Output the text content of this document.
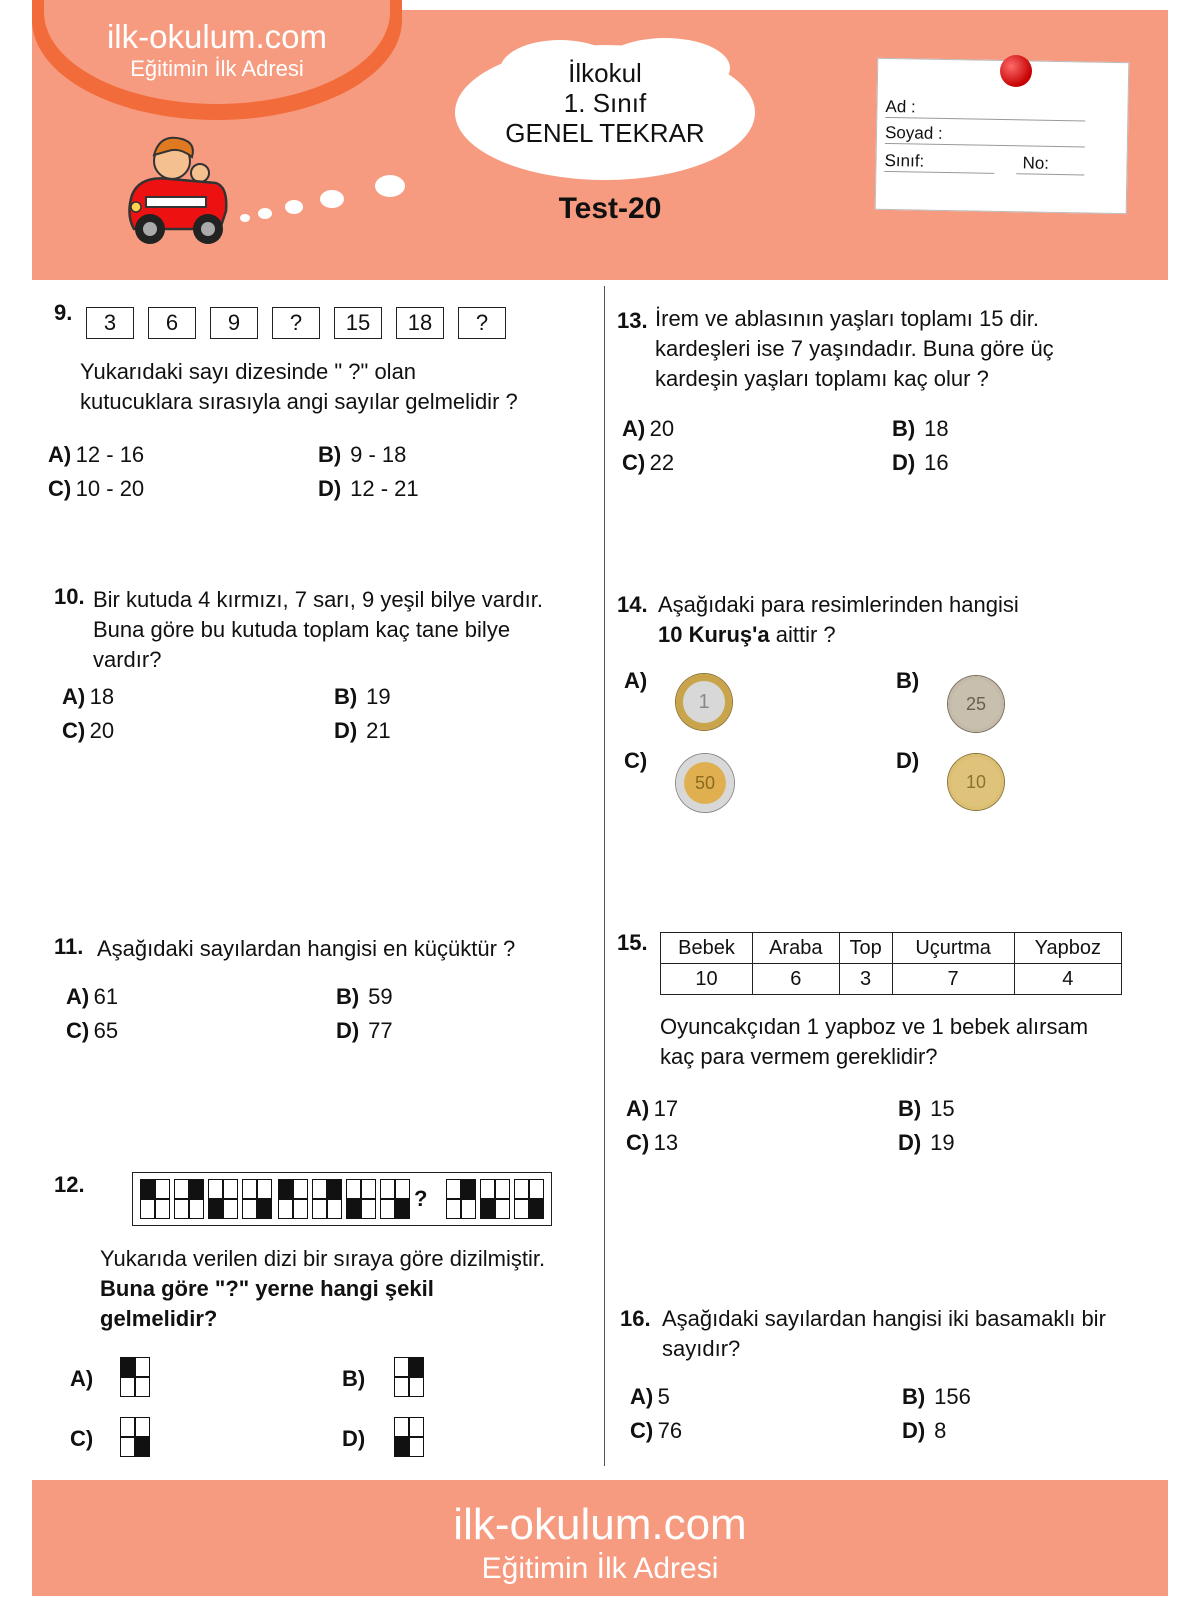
ilk-okulum.com
Eğitimin İlk Adresi	İlkokul
1. Sınıf
GENEL TEKRAR
Test-20
Ad :
Soyad :
Sınıf:	No:
9.	3	6	9	?	15	18	?
Yukarıdaki sayı dizesinde " ?" olan
kutucuklara sırasıyla angi sayılar gelmelidir ?
A) 12 - 16	B) 9 - 18
C) 10 - 20	D) 12 - 21
10. Bir kutuda 4 kırmızı, 7 sarı, 9 yeşil bilye vardır.
Buna göre bu kutuda toplam kaç tane bilye
vardır?
A) 18	B) 19
C) 20	D) 21
11. Aşağıdaki sayılardan hangisi en küçüktür ?
A) 61	B) 59
C) 65	D) 77
12.
?
Yukarıda verilen dizi bir sıraya göre dizilmiştir.
Buna göre "?" yerne hangi şekil
gelmelidir?
A)	B)
C)	D)
13. İrem ve ablasının yaşları toplamı 15 dir.
kardeşleri ise 7 yaşındadır. Buna göre üç
kardeşin yaşları toplamı kaç olur ?
A) 20	B) 18
C) 22	D) 16
14. Aşağıdaki para resimlerinden hangisi
10 Kuruş'a aittir ?
A)	B)
C)	D)
1	25
50	10
15. Bebek	Araba	Top	Uçurtma	Yapboz
10	6	3	7	4
Oyuncakçıdan 1 yapboz ve 1 bebek alırsam
kaç para vermem gereklidir?
A) 17	B) 15
C) 13	D) 19
16. Aşağıdaki sayılardan hangisi iki basamaklı bir
sayıdır?
A) 5	B) 156
C) 76	D) 8
ilk-okulum.com
Eğitimin İlk Adresi
